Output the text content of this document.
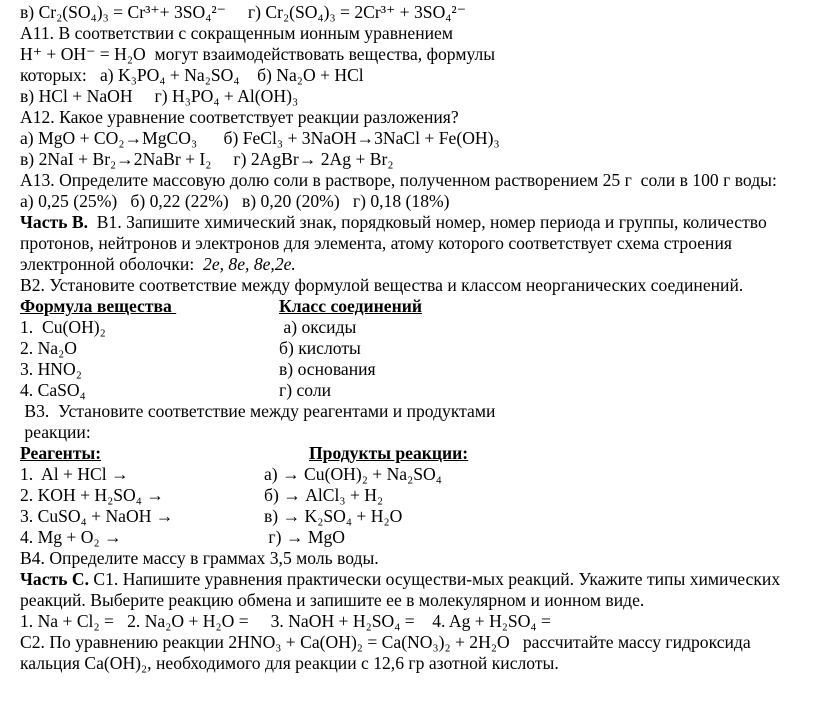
в) Cr₂(SO₄)₃ = Cr³⁺+ 3SO₄²⁻     г) Cr₂(SO₄)₃ = 2Cr³⁺ + 3SO₄²⁻
А11. В соответствии с сокращенным ионным уравнением
H⁺ + OH⁻ = H₂O  могут взаимодействовать вещества, формулы
которых:   а) K₃PO₄ + Na₂SO₄    б) Na₂O + HCl
в) HCl + NaOH     г) H₃PO₄ + Al(OH)₃
А12. Какое уравнение соответствует реакции разложения?
а) MgO + CO₂→MgCO₃      б) FeCl₃ + 3NaOH→3NaCl + Fe(OH)₃
в) 2NaI + Br₂→2NaBr + I₂     г) 2AgBr→ 2Ag + Br₂
А13. Определите массовую долю соли в растворе, полученном растворением 25 г  соли в 100 г воды:
а) 0,25 (25%)   б) 0,22 (22%)   в) 0,20 (20%)   г) 0,18 (18%)
Часть В.  В1. Запишите химический знак, порядковый номер, номер периода и группы, количество
протонов, нейтронов и электронов для элемента, атому которого соответствует схема строения
электронной оболочки:  2е, 8е, 8е,2е.
В2. Установите соответствие между формулой вещества и классом неорганических соединений.
Формула вещества	Класс соединений
1.  Cu(OH)₂	а) оксиды
2. Na₂O	б) кислоты
3. HNO₂	в) основания
4. CaSO₄	г) соли
В3.  Установите соответствие между реагентами и продуктами
реакции:
Реагенты:	Продукты реакции:
1.  Al + HCl →	а) → Cu(OH)₂ + Na₂SO₄
2. KOH + H₂SO₄ →	б) → AlCl₃ + H₂
3. CuSO₄ + NaOH →	в) → K₂SO₄ + H₂O
4. Mg + O₂ →	г) → MgO
В4. Определите массу в граммах 3,5 моль воды.
Часть С. С1. Напишите уравнения практически осуществи-мых реакций. Укажите типы химических
реакций. Выберите реакцию обмена и запишите ее в молекулярном и ионном виде.
1. Na + Cl₂ =   2. Na₂O + H₂O =     3. NaOH + H₂SO₄ =    4. Ag + H₂SO₄ =
С2. По уравнению реакции 2HNO₃ + Ca(OH)₂ = Ca(NO₃)₂ + 2H₂O   рассчитайте массу гидроксида
кальция Ca(OH)₂, необходимого для реакции с 12,6 гр азотной кислоты.
